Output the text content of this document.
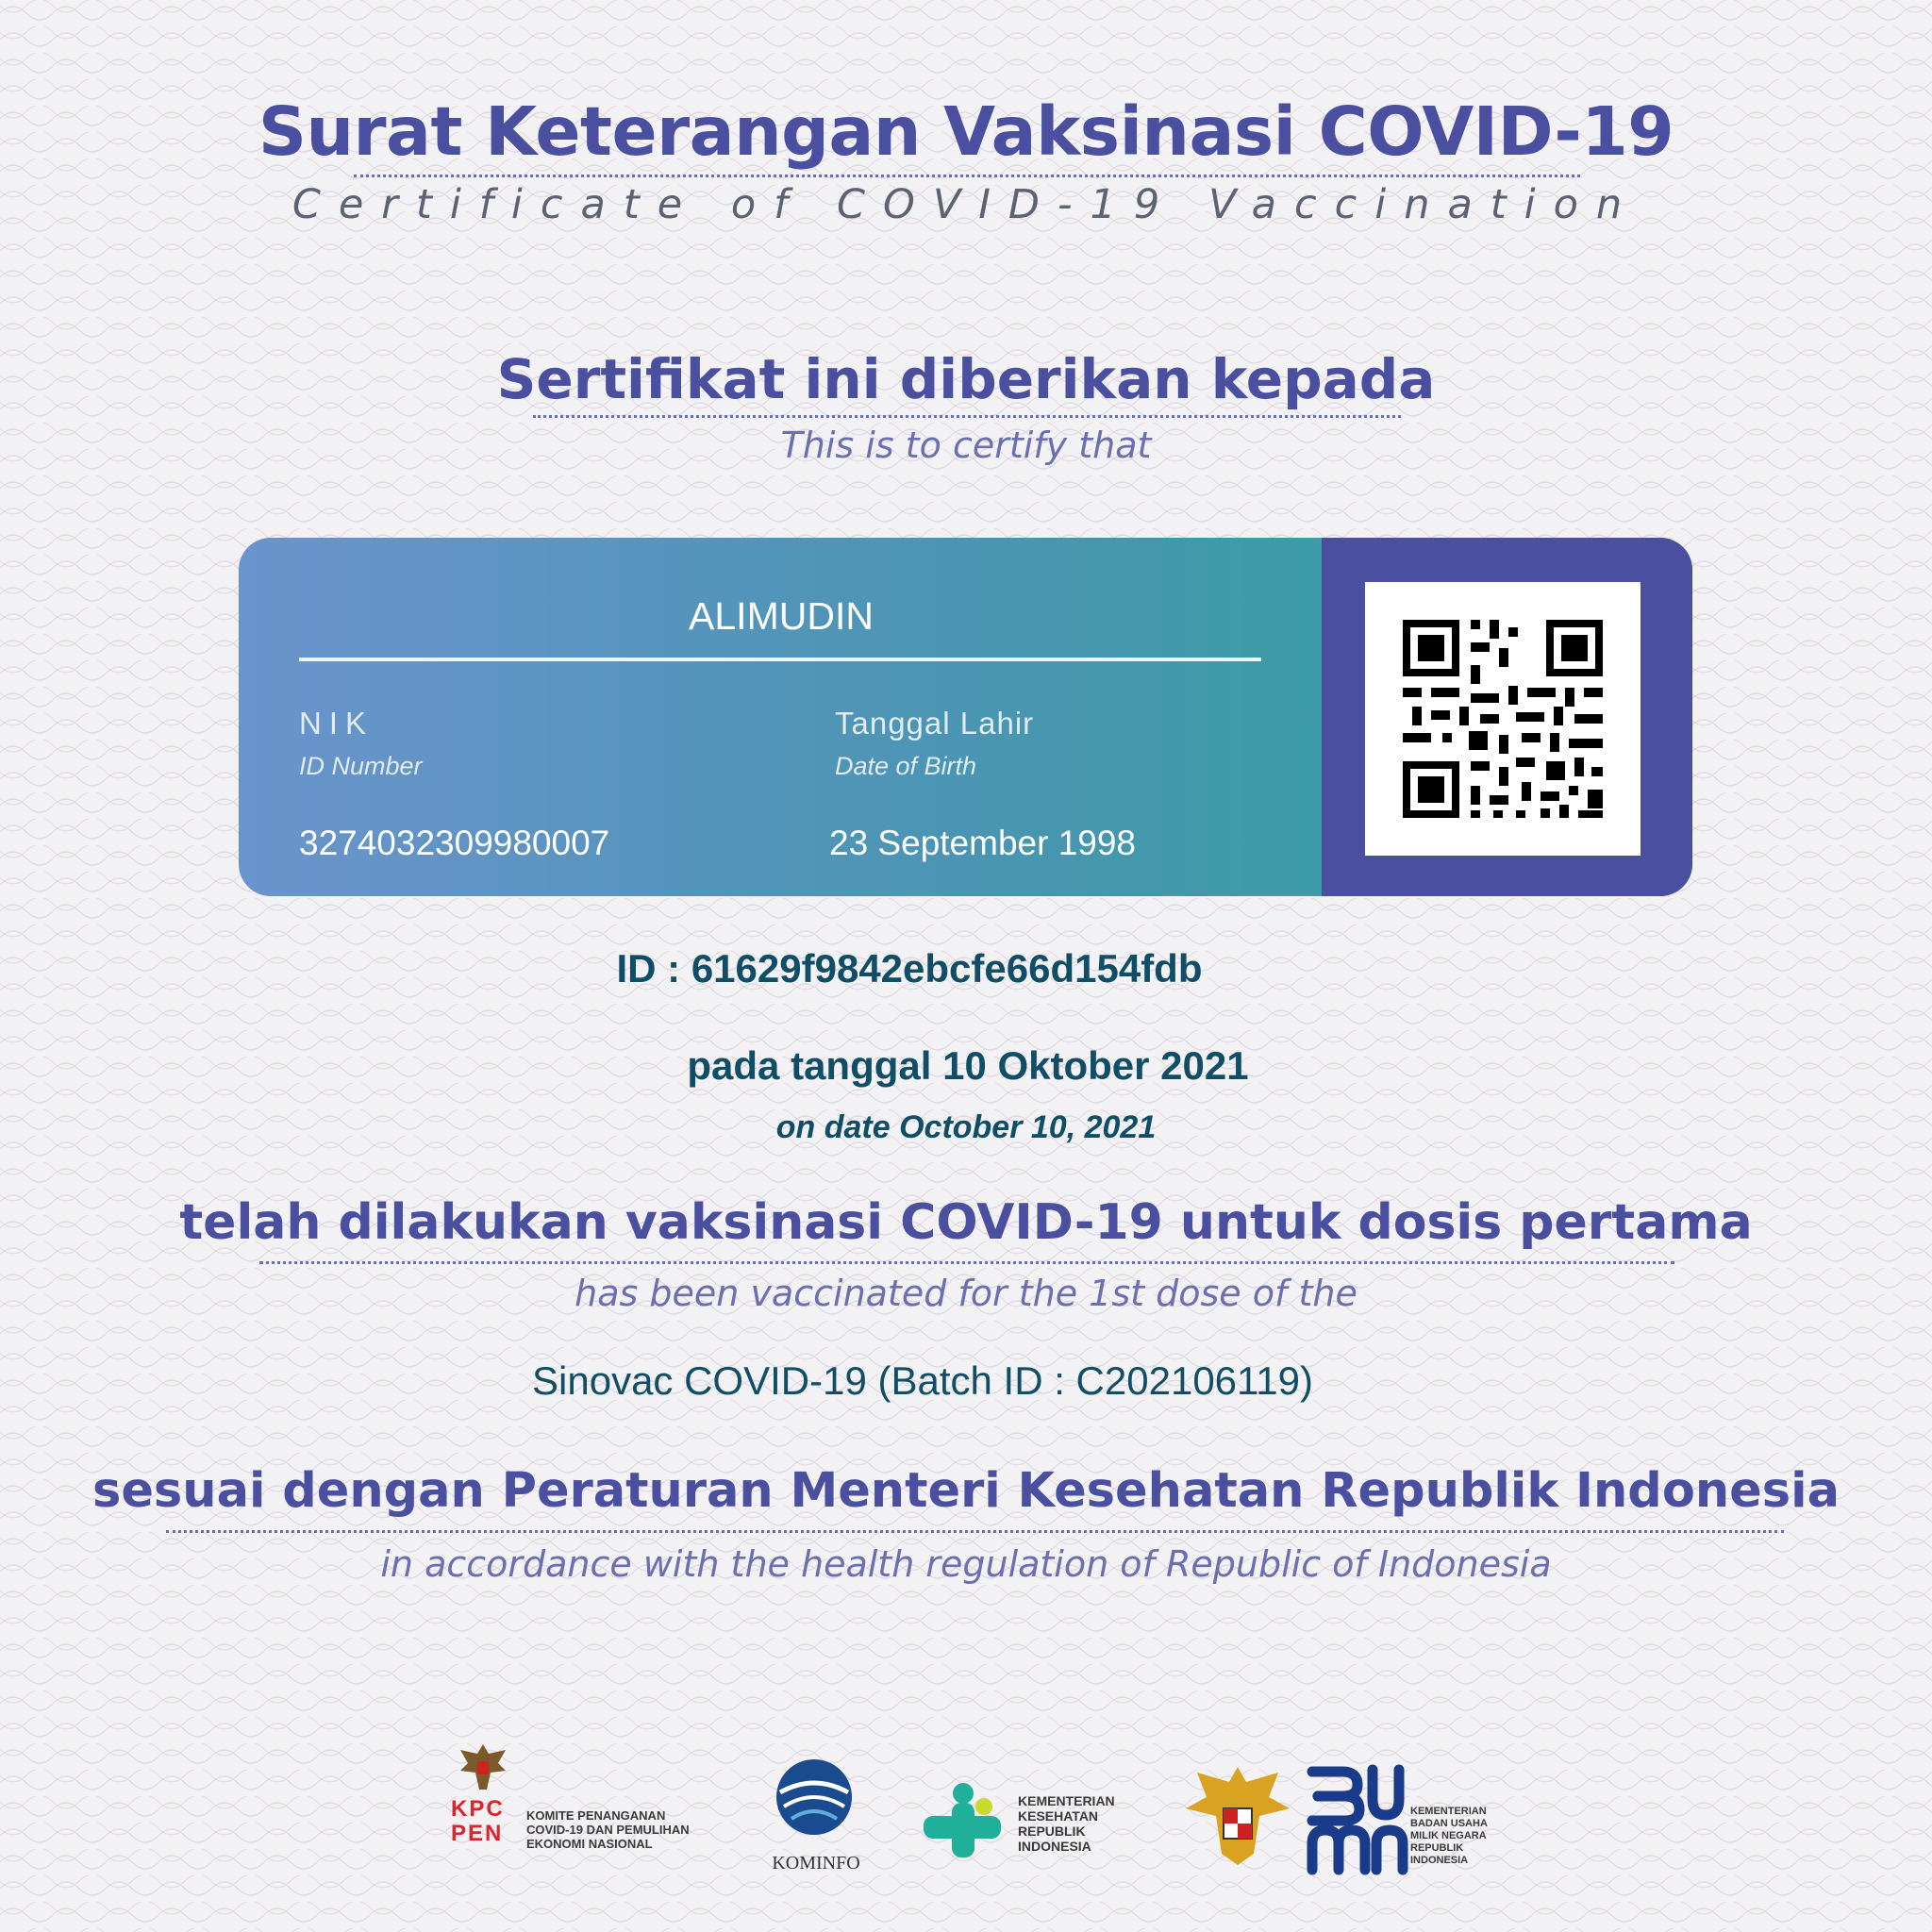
Surat Keterangan Vaksinasi COVID-19
Certificate of COVID-19 Vaccination
Sertifikat ini diberikan kepada
This is to certify that
ALIMUDIN
NIK
ID Number
3274032309980007
Tanggal Lahir
Date of Birth
23 September 1998
ID : 61629f9842ebcfe66d154fdb
pada tanggal 10 Oktober 2021
on date October 10, 2021
telah dilakukan vaksinasi COVID-19 untuk dosis pertama
has been vaccinated for the 1st dose of the
Sinovac COVID-19 (Batch ID : C202106119)
sesuai dengan Peraturan Menteri Kesehatan Republik Indonesia
in accordance with the health regulation of Republic of Indonesia
KPC
PEN
KOMITE PENANGANAN
COVID-19 DAN PEMULIHAN
EKONOMI NASIONAL
KOMINFO
KEMENTERIAN
KESEHATAN
REPUBLIK
INDONESIA
KEMENTERIAN
BADAN USAHA
MILIK NEGARA
REPUBLIK
INDONESIA
